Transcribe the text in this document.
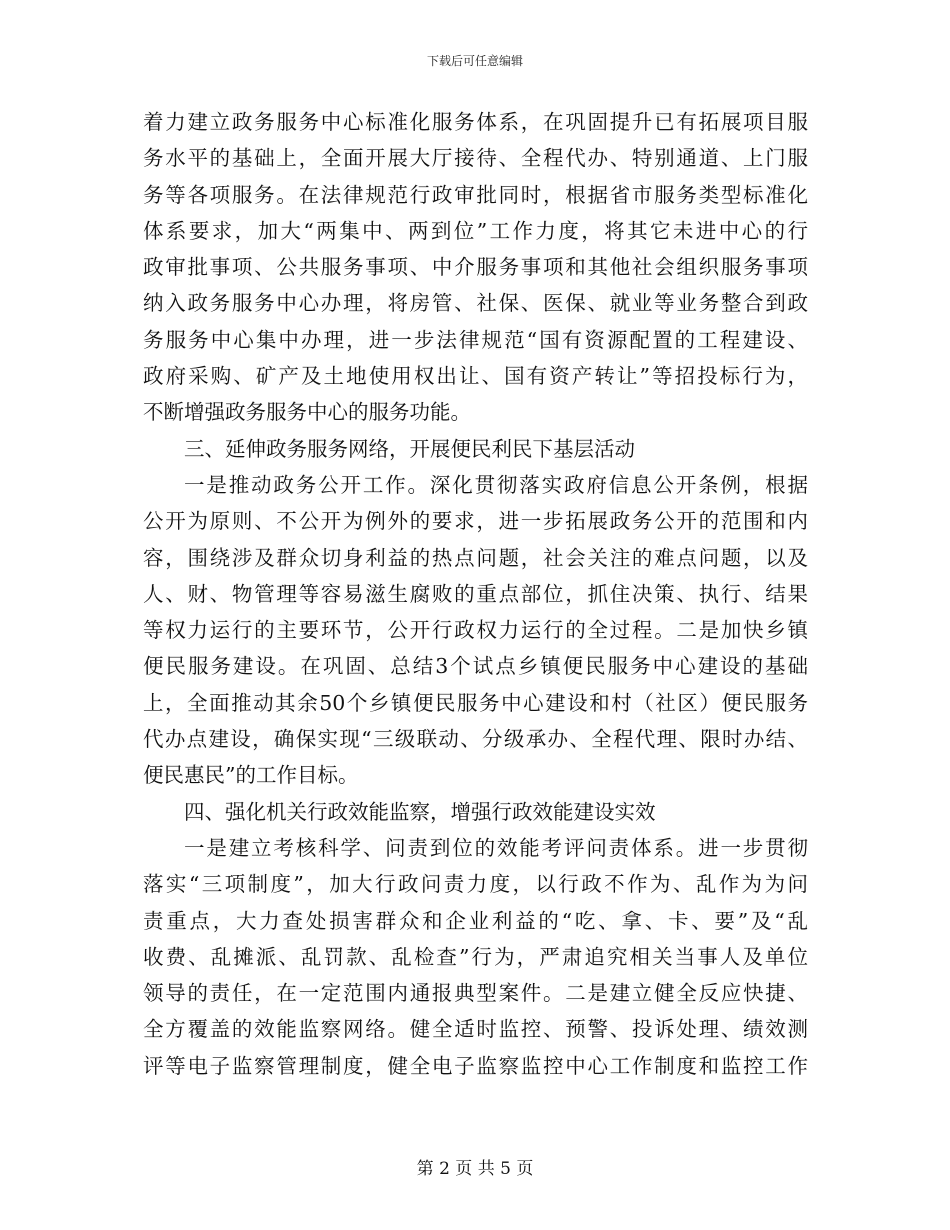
下载后可任意编辑
着力建立政务服务中心标准化服务体系，在巩固提升已有拓展项目服
务水平的基础上，全面开展大厅接待、全程代办、特别通道、上门服
务等各项服务。在法律规范行政审批同时，根据省市服务类型标准化
体系要求，加大“两集中、两到位”工作力度，将其它未进中心的行
政审批事项、公共服务事项、中介服务事项和其他社会组织服务事项
纳入政务服务中心办理，将房管、社保、医保、就业等业务整合到政
务服务中心集中办理，进一步法律规范“国有资源配置的工程建设、
政府采购、矿产及土地使用权出让、国有资产转让”等招投标行为，
不断增强政务服务中心的服务功能。
三、延伸政务服务网络，开展便民利民下基层活动
一是推动政务公开工作。深化贯彻落实政府信息公开条例，根据
公开为原则、不公开为例外的要求，进一步拓展政务公开的范围和内
容，围绕涉及群众切身利益的热点问题，社会关注的难点问题，以及
人、财、物管理等容易滋生腐败的重点部位，抓住决策、执行、结果
等权力运行的主要环节，公开行政权力运行的全过程。二是加快乡镇
便民服务建设。在巩固、总结3个试点乡镇便民服务中心建设的基础
上，全面推动其余50个乡镇便民服务中心建设和村（社区）便民服务
代办点建设，确保实现“三级联动、分级承办、全程代理、限时办结、
便民惠民”的工作目标。
四、强化机关行政效能监察，增强行政效能建设实效
一是建立考核科学、问责到位的效能考评问责体系。进一步贯彻
落实“三项制度”，加大行政问责力度，以行政不作为、乱作为为问
责重点，大力查处损害群众和企业利益的“吃、拿、卡、要”及“乱
收费、乱摊派、乱罚款、乱检查”行为，严肃追究相关当事人及单位
领导的责任，在一定范围内通报典型案件。二是建立健全反应快捷、
全方覆盖的效能监察网络。健全适时监控、预警、投诉处理、绩效测
评等电子监察管理制度，健全电子监察监控中心工作制度和监控工作
第 2 页 共 5 页
